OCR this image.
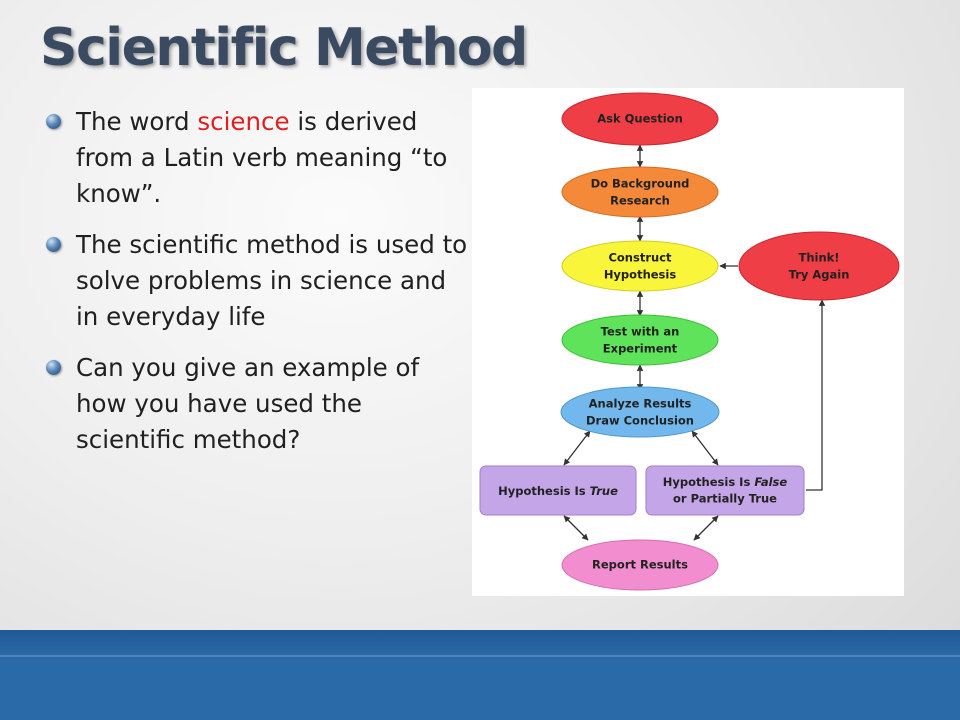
Scientific Method
The word science is derived from a Latin verb meaning “to know”.
The scientific method is used to solve problems in science and in everyday life
Can you give an example of how you have used the scientific method?
Ask Question
Do Background
Research
Construct
Hypothesis
Think!
Try Again
Test with an
Experiment
Analyze Results
Draw Conclusion
Hypothesis Is True
Hypothesis Is False
or Partially True
Report Results
